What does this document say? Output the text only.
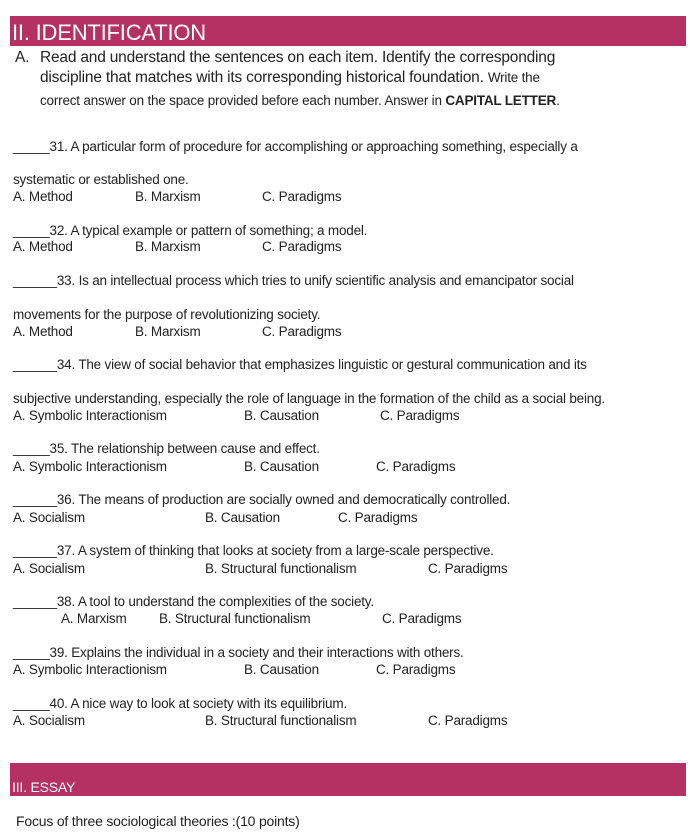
II. IDENTIFICATION
A. Read and understand the sentences on each item. Identify the corresponding
discipline that matches with its corresponding historical foundation. Write the
correct answer on the space provided before each number. Answer in CAPITAL LETTER.
_____31. A particular form of procedure for accomplishing or approaching something, especially a
systematic or established one.
A. Method	B. Marxism	C. Paradigms
_____32. A typical example or pattern of something; a model.
A. Method	B. Marxism	C. Paradigms
______33. Is an intellectual process which tries to unify scientific analysis and emancipator social
movements for the purpose of revolutionizing society.
A. Method	B. Marxism	C. Paradigms
______34. The view of social behavior that emphasizes linguistic or gestural communication and its
subjective understanding, especially the role of language in the formation of the child as a social being.
A. Symbolic Interactionism	B. Causation	C. Paradigms
_____35. The relationship between cause and effect.
A. Symbolic Interactionism	B. Causation	C. Paradigms
______36. The means of production are socially owned and democratically controlled.
A. Socialism	B. Causation	C. Paradigms
______37. A system of thinking that looks at society from a large-scale perspective.
A. Socialism	B. Structural functionalism	C. Paradigms
______38. A tool to understand the complexities of the society.
A. Marxism B. Structural functionalism	C. Paradigms
_____39. Explains the individual in a society and their interactions with others.
A. Symbolic Interactionism	B. Causation	C. Paradigms
_____40. A nice way to look at society with its equilibrium.
A. Socialism	B. Structural functionalism	C. Paradigms
III. ESSAY
Focus of three sociological theories :(10 points)
